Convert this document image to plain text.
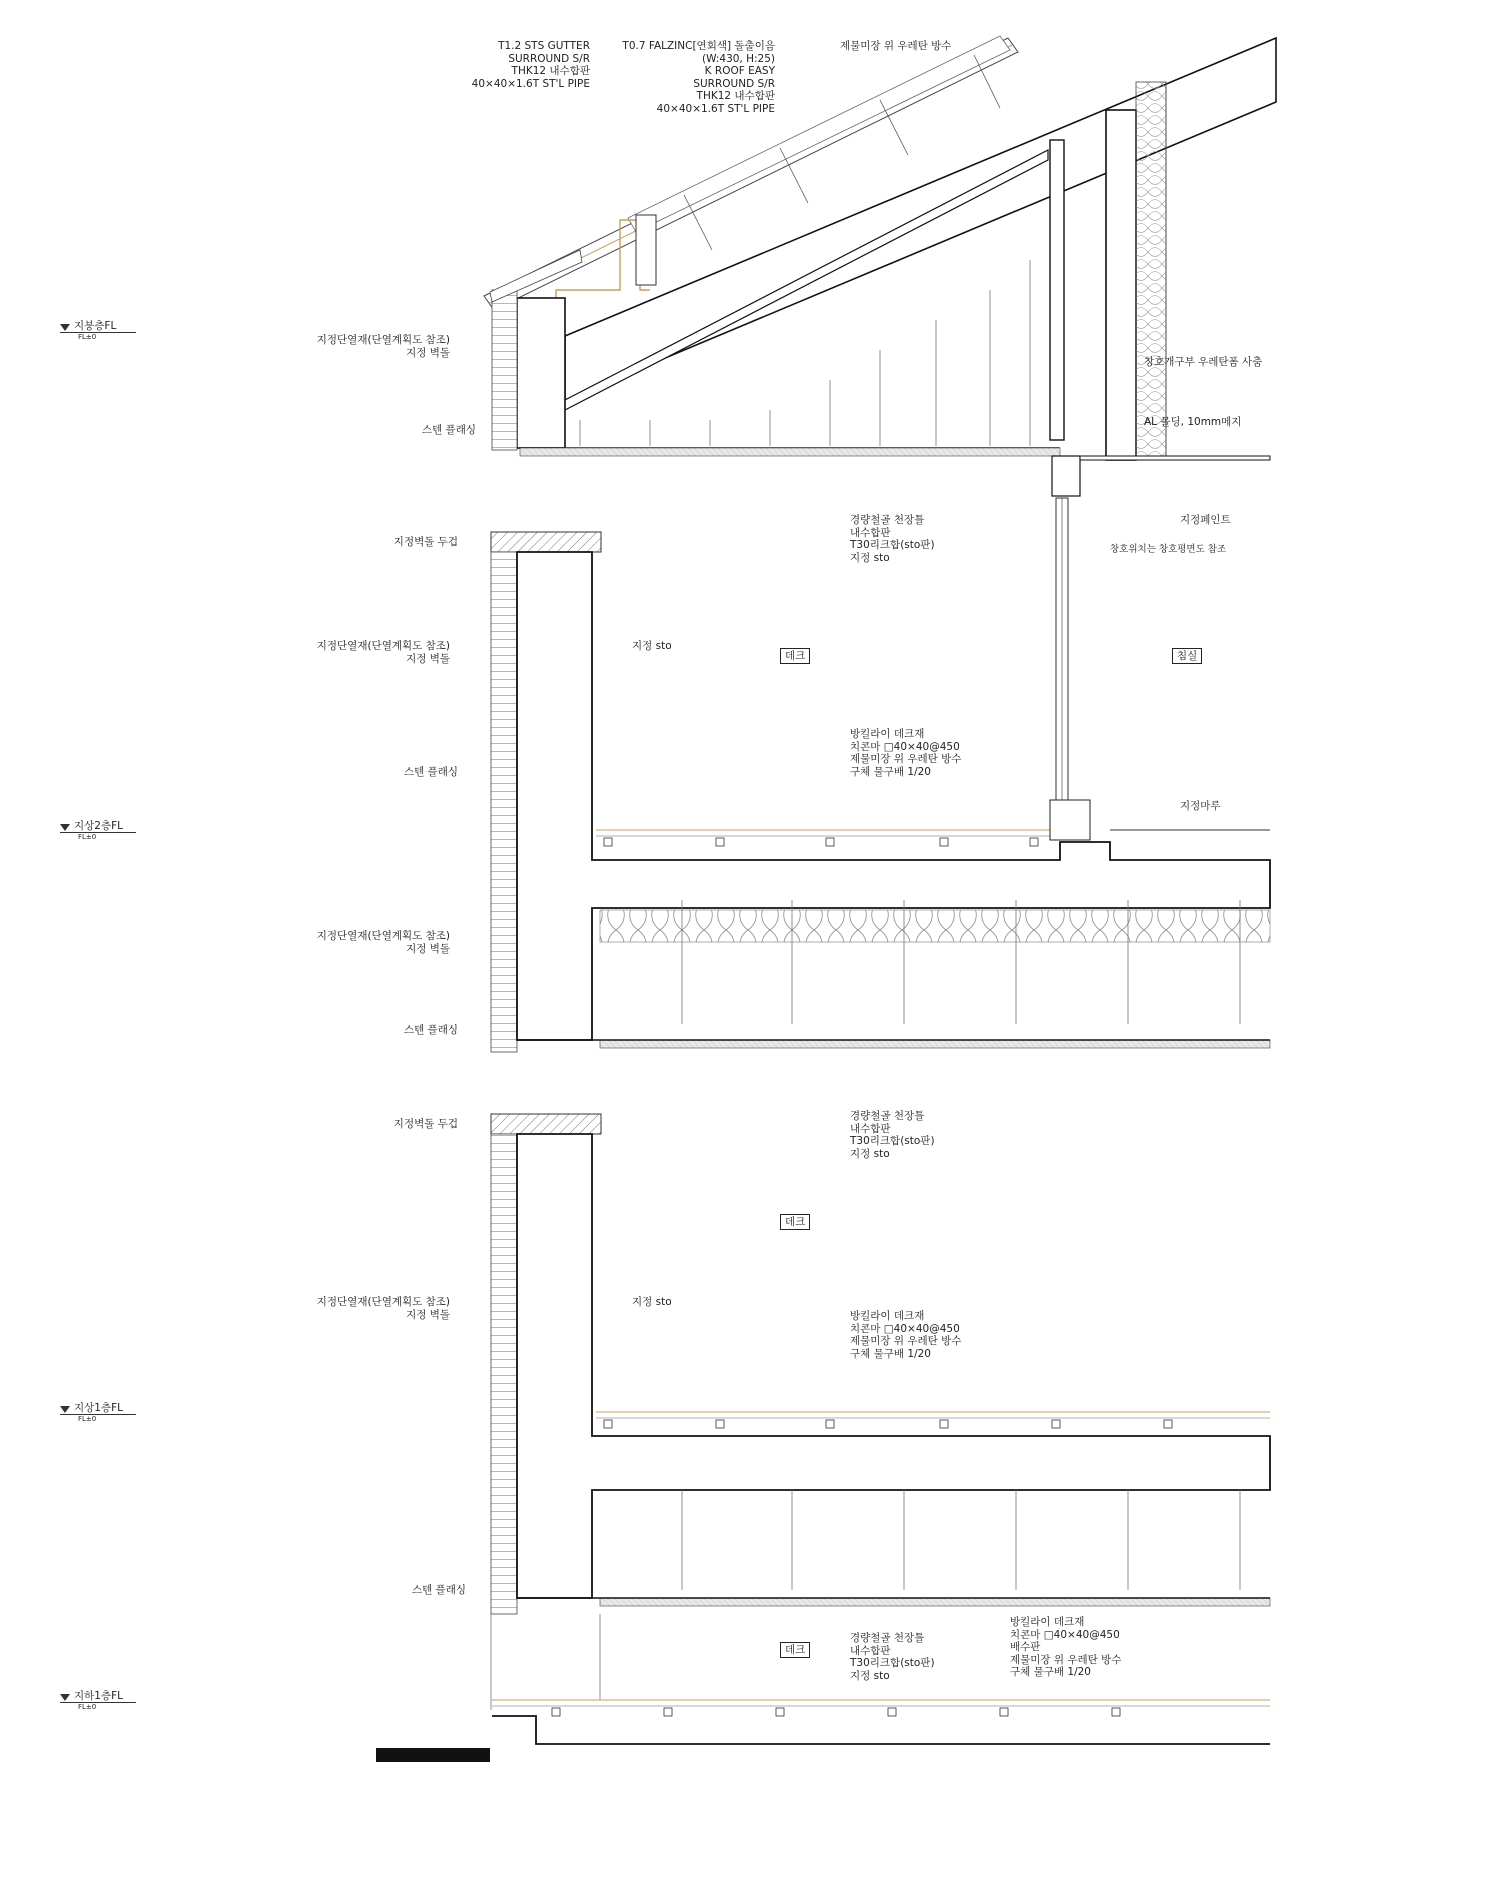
지붕층FL
FL±0
지상2층FL
FL±0
지상1층FL
FL±0
지하1층FL
FL±0
T1.2 STS GUTTER
SURROUND S/R
THK12 내수합판
40×40×1.6T ST'L PIPE
T0.7 FALZINC[연회색] 돌출이음
(W:430, H:25)
K ROOF EASY
SURROUND S/R
THK12 내수합판
40×40×1.6T ST'L PIPE
제물미장 위 우레탄 방수
창호개구부 우레탄폼 사춤
AL 몰딩, 10mm메지
지정단열재(단열계획도 참조)
지정 벽돌
스텐 플래싱
지정벽돌 두겁
지정단열재(단열계획도 참조)
지정 벽돌
스텐 플래싱
지정단열재(단열계획도 참조)
지정 벽돌
스텐 플래싱
지정벽돌 두겁
지정단열재(단열계획도 참조)
지정 벽돌
스텐 플래싱
경량철골 천장틀
내수합판
T30리크합(sto판)
지정 sto
지정페인트
창호위치는 창호평면도 참조
지정 sto
방킬라이 데크재
치콘마 □40×40@450
제물미장 위 우레탄 방수
구체 물구배 1/20
지정마루
경량철골 천장틀
내수합판
T30리크합(sto판)
지정 sto
지정 sto
방킬라이 데크재
치콘마 □40×40@450
제물미장 위 우레탄 방수
구체 물구배 1/20
경량철골 천장틀
내수합판
T30리크합(sto판)
지정 sto
방킬라이 데크재
치콘마 □40×40@450
배수판
제물미장 위 우레탄 방수
구체 물구배 1/20
데크	침실
데크
데크
